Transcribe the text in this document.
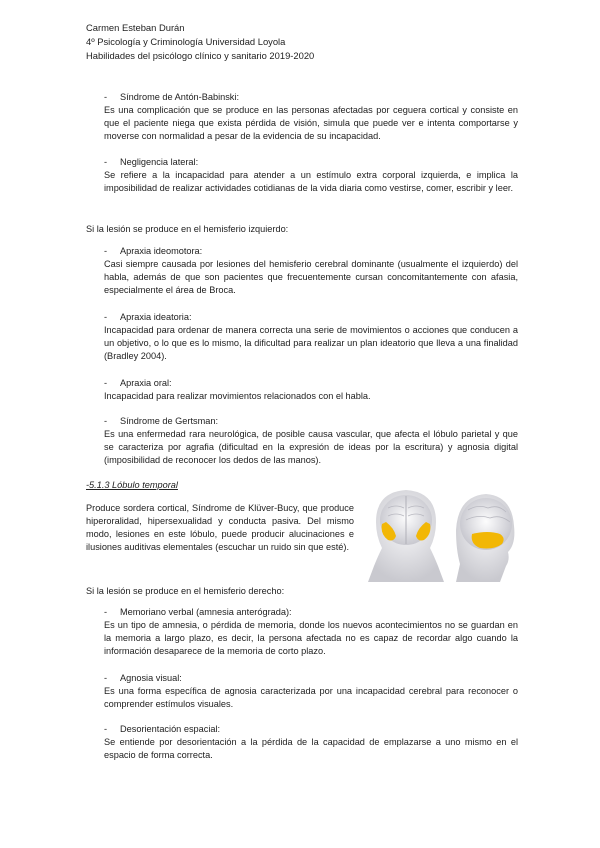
Carmen Esteban Durán
4º Psicología y Criminología Universidad Loyola
Habilidades del psicólogo clínico y sanitario 2019-2020
- Síndrome de Antón-Babinski:
Es una complicación que se produce en las personas afectadas por ceguera cortical y consiste en que el paciente niega que exista pérdida de visión, simula que puede ver e intenta comportarse y moverse con normalidad a pesar de la evidencia de su incapacidad.
- Negligencia lateral:
Se refiere a la incapacidad para atender a un estímulo extra corporal izquierda, e implica la imposibilidad de realizar actividades cotidianas de la vida diaria como vestirse, comer, escribir y leer.
Si la lesión se produce en el hemisferio izquierdo:
- Apraxia ideomotora:
Casi siempre causada por lesiones del hemisferio cerebral dominante (usualmente el izquierdo) del habla, además de que son pacientes que frecuentemente cursan concomitantemente con afasia, especialmente el área de Broca.
- Apraxia ideatoria:
Incapacidad para ordenar de manera correcta una serie de movimientos o acciones que conducen a un objetivo, o lo que es lo mismo, la dificultad para realizar un plan ideatorio que lleva a una finalidad (Bradley 2004).
- Apraxia oral:
Incapacidad para realizar movimientos relacionados con el habla.
- Síndrome de Gertsman:
Es una enfermedad rara neurológica, de posible causa vascular, que afecta el lóbulo parietal y que se caracteriza por agrafia (dificultad en la expresión de ideas por la escritura) y agnosia digital (imposibilidad de reconocer los dedos de las manos).
-5.1.3 Lóbulo temporal
Produce sordera cortical, Síndrome de Klüver-Bucy, que produce hiperoralidad, hipersexualidad y conducta pasiva. Del mismo modo, lesiones en este lóbulo, puede producir alucinaciones e ilusiones auditivas elementales (escuchar un ruido sin que esté).
Si la lesión se produce en el hemisferio derecho:
- Memoriano verbal (amnesia anterógrada):
Es un tipo de amnesia, o pérdida de memoria, donde los nuevos acontecimientos no se guardan en la memoria a largo plazo, es decir, la persona afectada no es capaz de recordar algo cuando la información desaparece de la memoria de corto plazo.
- Agnosia visual:
Es una forma específica de agnosia caracterizada por una incapacidad cerebral para reconocer o comprender estímulos visuales.
- Desorientación espacial:
Se entiende por desorientación a la pérdida de la capacidad de emplazarse a uno mismo en el espacio de forma correcta.
